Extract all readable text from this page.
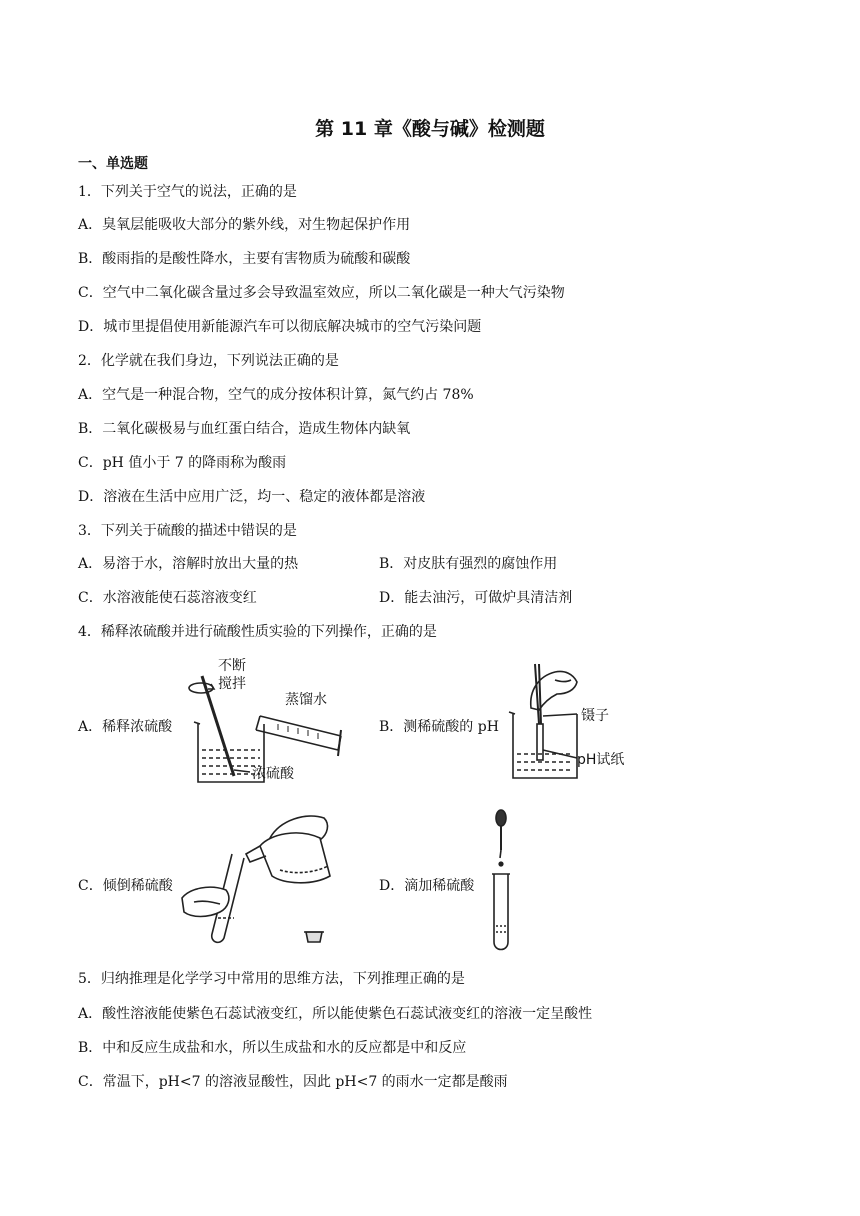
第 11 章《酸与碱》检测题
一、单选题
1．下列关于空气的说法，正确的是
A．臭氧层能吸收大部分的紫外线，对生物起保护作用
B．酸雨指的是酸性降水，主要有害物质为硫酸和碳酸
C．空气中二氧化碳含量过多会导致温室效应，所以二氧化碳是一种大气污染物
D．城市里提倡使用新能源汽车可以彻底解决城市的空气污染问题
2．化学就在我们身边，下列说法正确的是
A．空气是一种混合物，空气的成分按体积计算，氮气约占 78%
B．二氧化碳极易与血红蛋白结合，造成生物体内缺氧
C．pH 值小于 7 的降雨称为酸雨
D．溶液在生活中应用广泛，均一、稳定的液体都是溶液
3．下列关于硫酸的描述中错误的是
A．易溶于水，溶解时放出大量的热	B．对皮肤有强烈的腐蚀作用
C．水溶液能使石蕊溶液变红	D．能去油污，可做炉具清洁剂
4．稀释浓硫酸并进行硫酸性质实验的下列操作，正确的是
A．稀释浓硫酸	B．测稀硫酸的 pH
C．倾倒稀硫酸	D．滴加稀硫酸
不断
搅拌
蒸馏水
浓硫酸
镊子
pH试纸
5．归纳推理是化学学习中常用的思维方法，下列推理正确的是
A．酸性溶液能使紫色石蕊试液变红，所以能使紫色石蕊试液变红的溶液一定呈酸性
B．中和反应生成盐和水，所以生成盐和水的反应都是中和反应
C．常温下，pH<7 的溶液显酸性，因此 pH<7 的雨水一定都是酸雨
